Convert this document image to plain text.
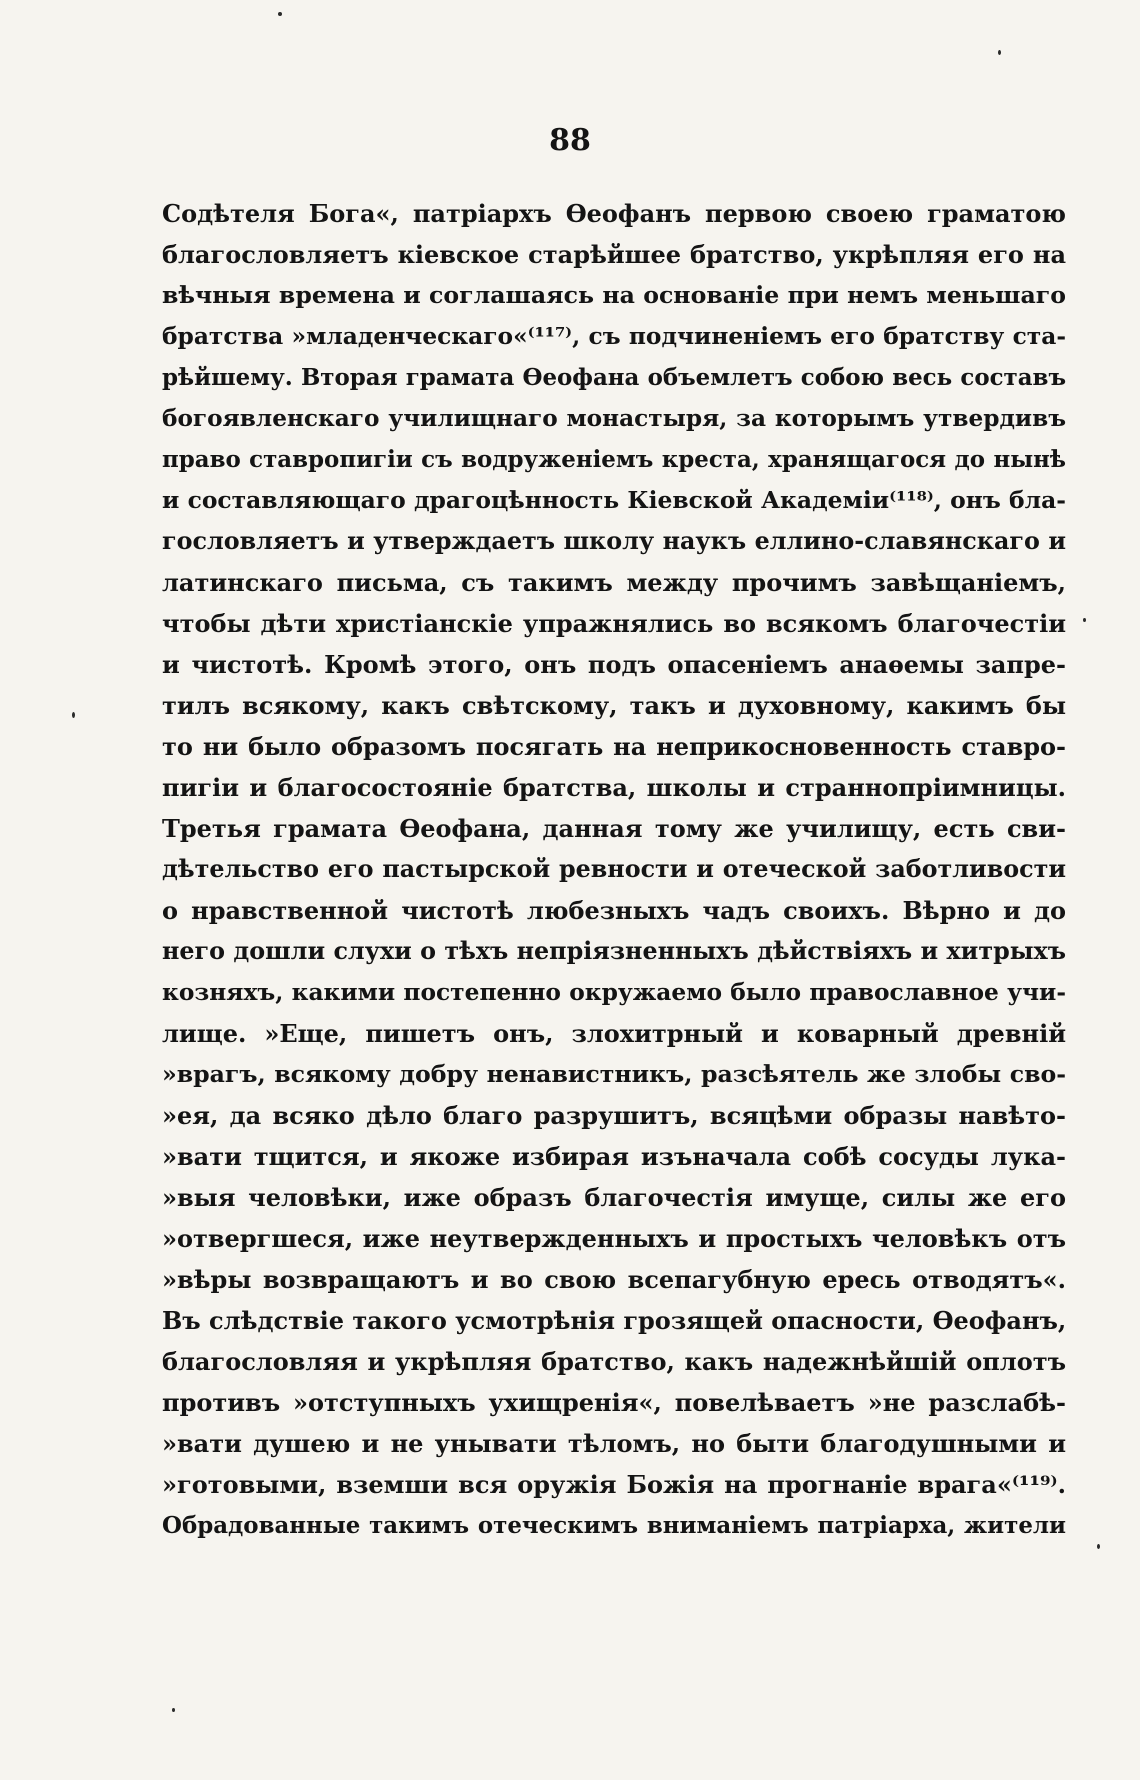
88
Содѣтеля Бога«, патріархъ Ѳеофанъ первою своею граматою
благословляетъ кіевское старѣйшее братство, укрѣпляя его на
вѣчныя времена и соглашаясь на основаніе при немъ меньшаго
братства »младенческаго«⁽¹¹⁷⁾, съ подчиненіемъ его братству ста-
рѣйшему. Вторая грамата Ѳеофана объемлетъ собою весь составъ
богоявленскаго училищнаго монастыря, за которымъ утвердивъ
право ставропигіи съ водруженіемъ креста, хранящагося до нынѣ
и составляющаго драгоцѣнность Кіевской Академіи⁽¹¹⁸⁾, онъ бла-
гословляетъ и утверждаетъ школу наукъ еллино-славянскаго и
латинскаго письма, съ такимъ между прочимъ завѣщаніемъ,
чтобы дѣти христіанскіе упражнялись во всякомъ благочестіи
и чистотѣ. Кромѣ этого, онъ подъ опасеніемъ анаѳемы запре-
тилъ всякому, какъ свѣтскому, такъ и духовному, какимъ бы
то ни было образомъ посягать на неприкосновенность ставро-
пигіи и благосостояніе братства, школы и страннопріимницы.
Третья грамата Ѳеофана, данная тому же училищу, есть сви-
дѣтельство его пастырской ревности и отеческой заботливости
о нравственной чистотѣ любезныхъ чадъ своихъ. Вѣрно и до
него дошли слухи о тѣхъ непріязненныхъ дѣйствіяхъ и хитрыхъ
козняхъ, какими постепенно окружаемо было православное учи-
лище. »Еще, пишетъ онъ, злохитрный и коварный древній
»врагъ, всякому добру ненавистникъ, разсѣятель же злобы сво-
»ея, да всяко дѣло благо разрушитъ, всяцѣми образы навѣто-
»вати тщится, и якоже избирая изъначала собѣ сосуды лука-
»выя человѣки, иже образъ благочестія имуще, силы же его
»отвергшеся, иже неутвержденныхъ и простыхъ человѣкъ отъ
»вѣры возвращаютъ и во свою всепагубную ересь отводятъ«.
Въ слѣдствіе такого усмотрѣнія грозящей опасности, Ѳеофанъ,
благословляя и укрѣпляя братство, какъ надежнѣйшій оплотъ
противъ »отступныхъ ухищренія«, повелѣваетъ »не разслабѣ-
»вати душею и не унывати тѣломъ, но быти благодушными и
»готовыми, вземши вся оружія Божія на прогнаніе врага«⁽¹¹⁹⁾.
Обрадованные такимъ отеческимъ вниманіемъ патріарха, жители
